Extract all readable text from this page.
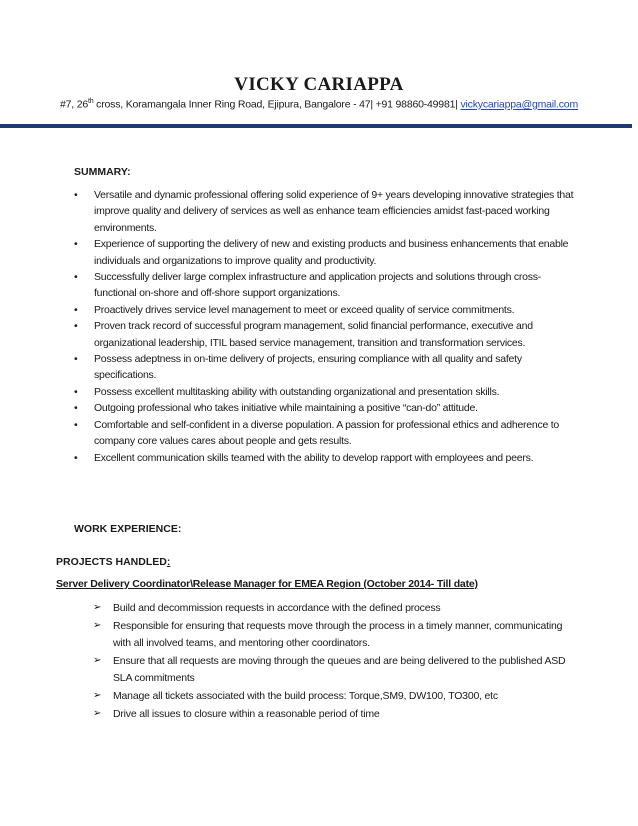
VICKY CARIAPPA
#7, 26th cross, Koramangala Inner Ring Road, Ejipura, Bangalore - 47| +91 98860-49981| vickycariappa@gmail.com
SUMMARY:
• Versatile and dynamic professional offering solid experience of 9+ years developing innovative strategies that improve quality and delivery of services as well as enhance team efficiencies amidst fast-paced working environments.
• Experience of supporting the delivery of new and existing products and business enhancements that enable individuals and organizations to improve quality and productivity.
• Successfully deliver large complex infrastructure and application projects and solutions through cross-functional on-shore and off-shore support organizations.
• Proactively drives service level management to meet or exceed quality of service commitments.
• Proven track record of successful program management, solid financial performance, executive and organizational leadership, ITIL based service management, transition and transformation services.
• Possess adeptness in on-time delivery of projects, ensuring compliance with all quality and safety specifications.
• Possess excellent multitasking ability with outstanding organizational and presentation skills.
• Outgoing professional who takes initiative while maintaining a positive “can-do” attitude.
• Comfortable and self-confident in a diverse population. A passion for professional ethics and adherence to company core values cares about people and gets results.
• Excellent communication skills teamed with the ability to develop rapport with employees and peers.
WORK EXPERIENCE:
PROJECTS HANDLED:
Server Delivery Coordinator\Release Manager for EMEA Region (October 2014- Till date)
➢ Build and decommission requests in accordance with the defined process
➢ Responsible for ensuring that requests move through the process in a timely manner, communicating with all involved teams, and mentoring other coordinators.
➢ Ensure that all requests are moving through the queues and are being delivered to the published ASD SLA commitments
➢ Manage all tickets associated with the build process: Torque,SM9, DW100, TO300, etc
➢ Drive all issues to closure within a reasonable period of time
